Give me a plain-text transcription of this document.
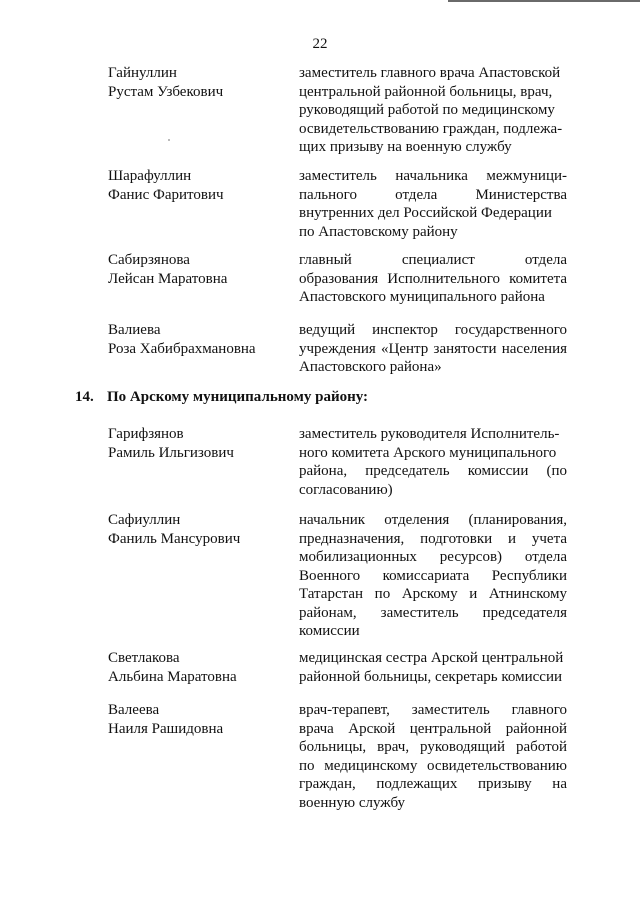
22
Гайнуллин
Рустам Узбекович
заместитель главного врача Апастовской
центральной районной больницы, врач,
руководящий работой по медицинскому
освидетельствованию граждан, подлежа-
щих призыву на военную службу
Шарафуллин
Фанис Фаритович
заместитель начальника межмуници-
пального отдела Министерства
внутренних дел Российской Федерации
по Апастовскому району
Сабирзянова
Лейсан Маратовна
главный специалист отдела
образования Исполнительного комитета
Апастовского муниципального района
Валиева
Роза Хабибрахмановна
ведущий инспектор государственного
учреждения «Центр занятости населения
Апастовского района»
14. По Арскому муниципальному району:
Гарифзянов
Рамиль Ильгизович
заместитель руководителя Исполнитель-
ного комитета Арского муниципального
района, председатель комиссии (по
согласованию)
Сафиуллин
Фаниль Мансурович
начальник отделения (планирования,
предназначения, подготовки и учета
мобилизационных ресурсов) отдела
Военного комиссариата Республики
Татарстан по Арскому и Атнинскому
районам, заместитель председателя
комиссии
Светлакова
Альбина Маратовна
медицинская сестра Арской центральной
районной больницы, секретарь комиссии
Валеева
Наиля Рашидовна
врач-терапевт, заместитель главного
врача Арской центральной районной
больницы, врач, руководящий работой
по медицинскому освидетельствованию
граждан, подлежащих призыву на
военную службу
